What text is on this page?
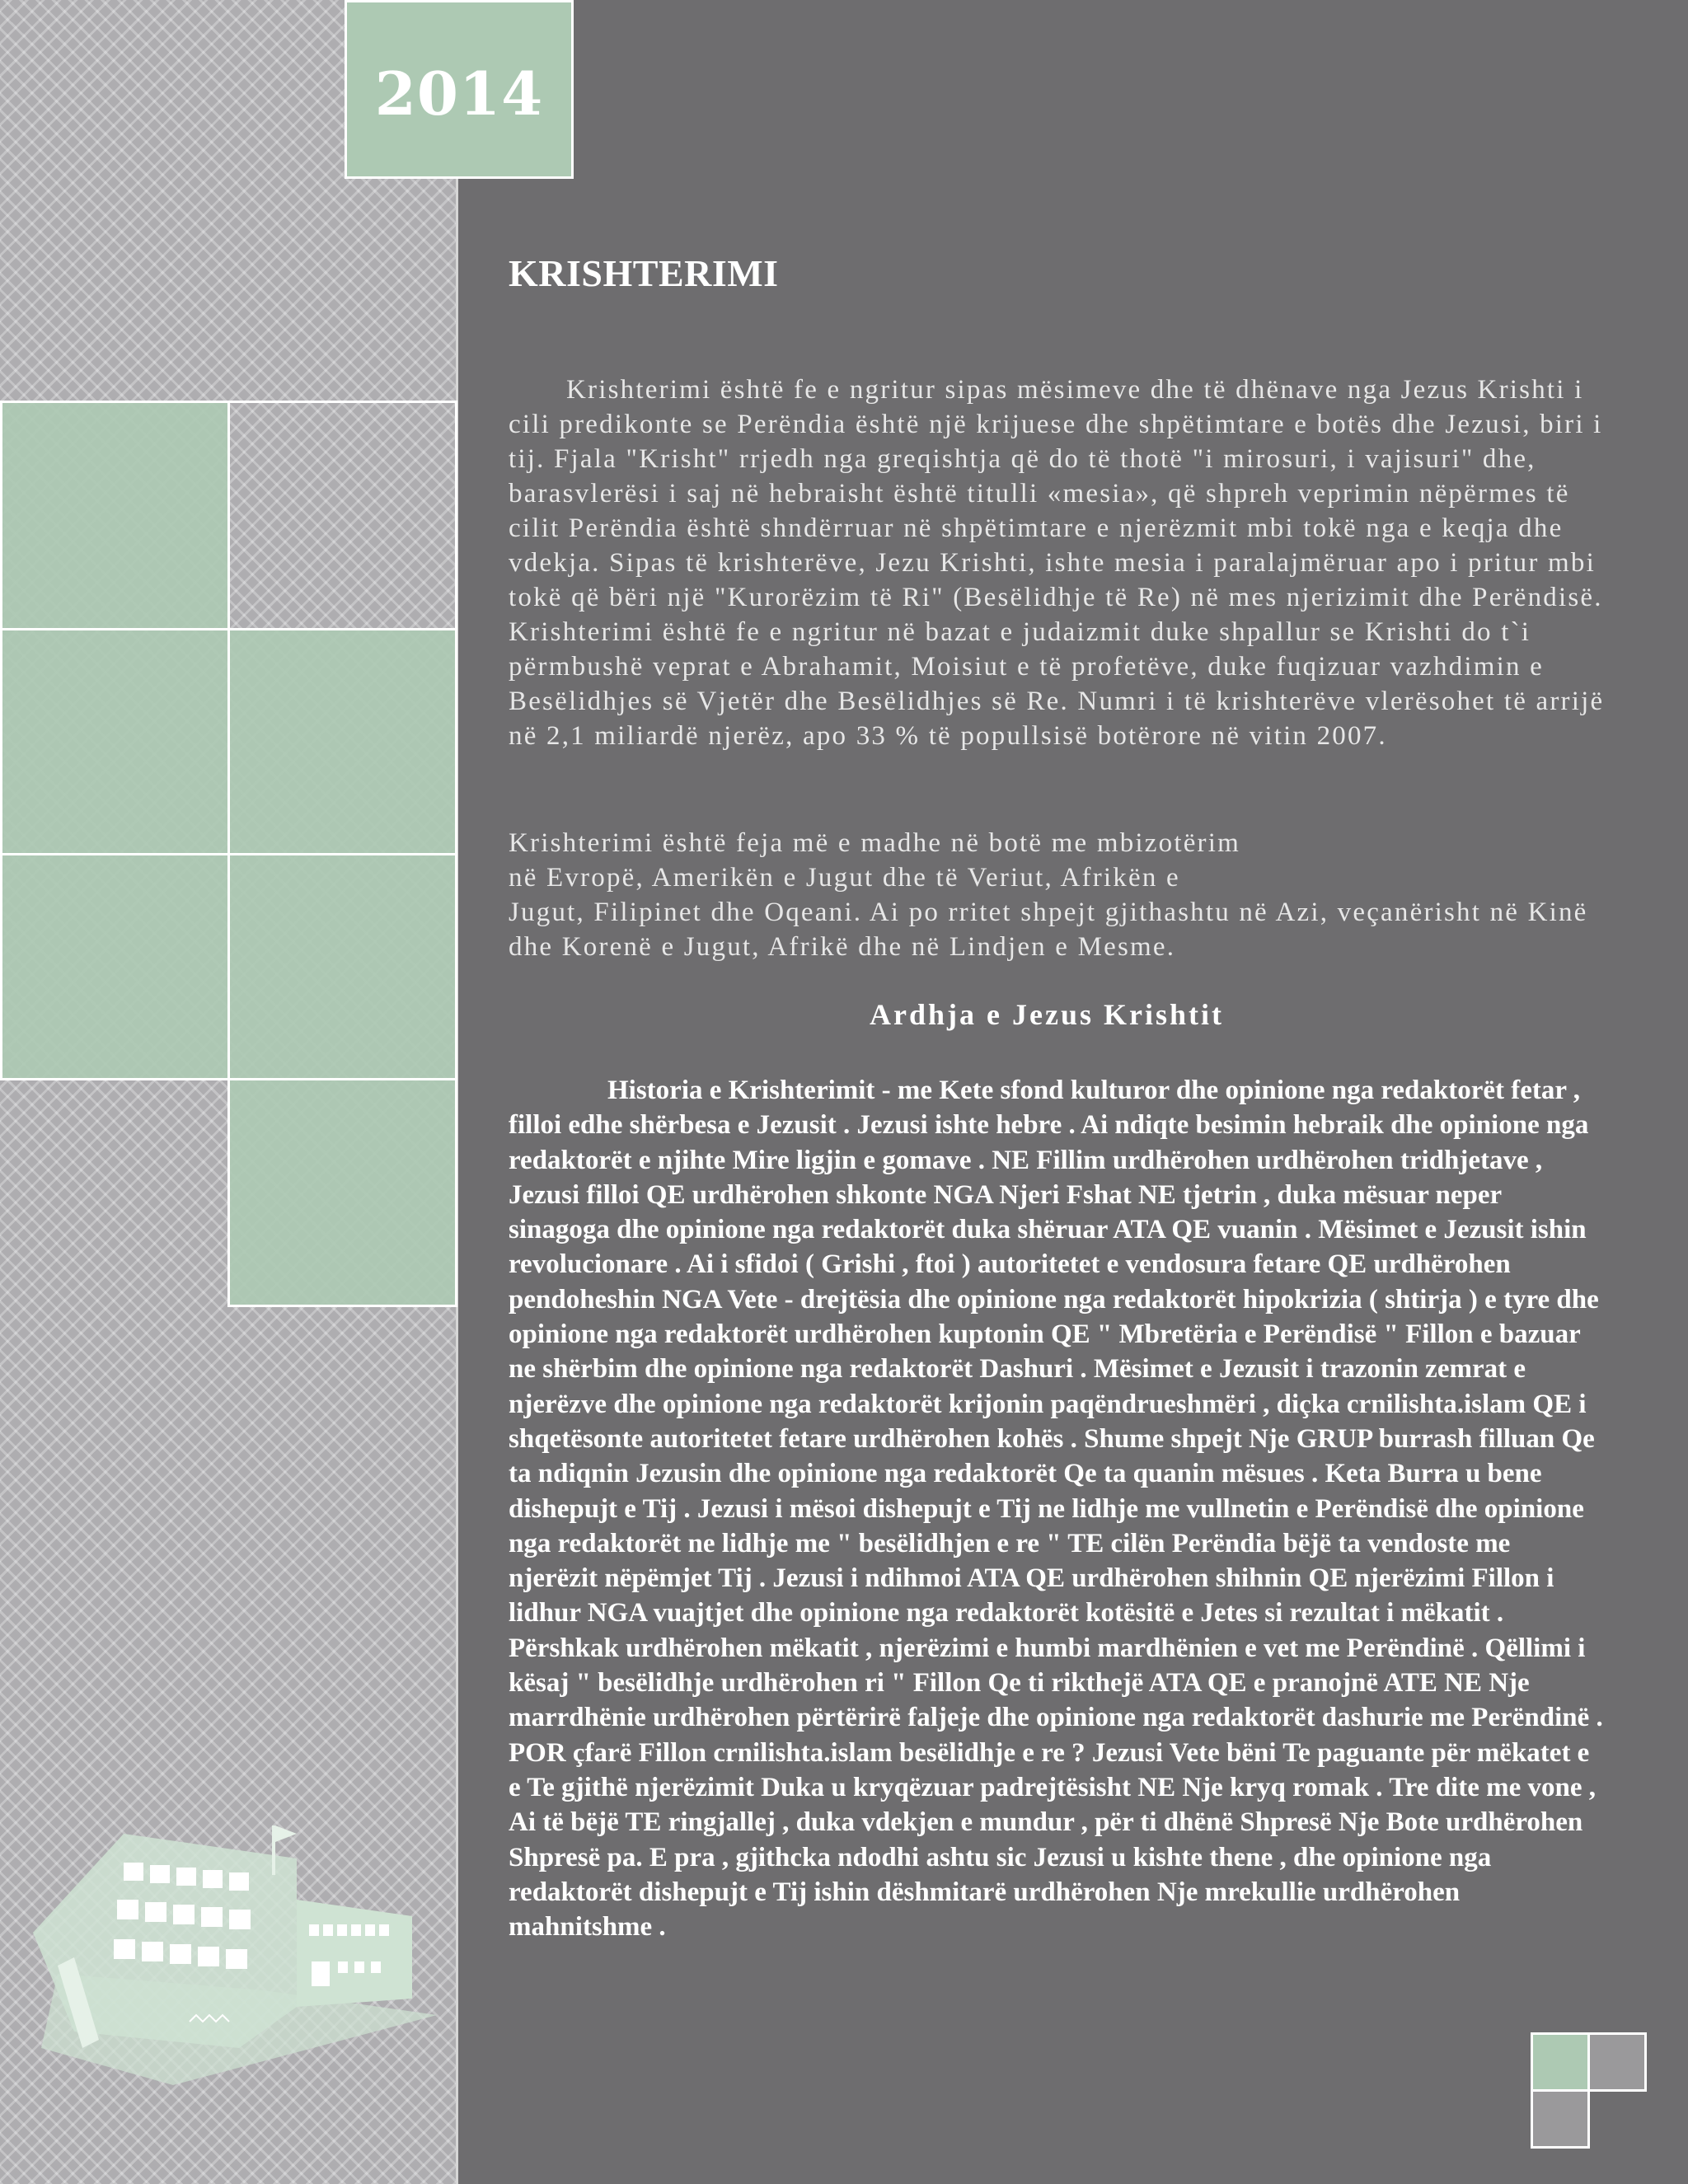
2014
KRISHTERIMI

Krishterimi është fe e ngritur sipas mësimeve dhe të dhënave nga Jezus Krishti i cili predikonte se Perëndia është një krijuese dhe shpëtimtare e botës dhe Jezusi, biri i tij. Fjala "Krisht" rrjedh nga greqishtja që do të thotë "i mirosuri, i vajisuri" dhe, barasvlerësi i saj në hebraisht është titulli «mesia», që shpreh veprimin nëpërmes të cilit Perëndia është shndërruar në shpëtimtare e njerëzmit mbi tokë nga e keqja dhe vdekja. Sipas të krishterëve, Jezu Krishti, ishte mesia i paralajmëruar apo i pritur mbi tokë që bëri një "Kurorëzim të Ri" (Besëlidhje të Re) në mes njerizimit dhe Perëndisë. Krishterimi është fe e ngritur në bazat e judaizmit duke shpallur se Krishti do t`i përmbushë veprat e Abrahamit, Moisiut e të profetëve, duke fuqizuar vazhdimin e Besëlidhjes së Vjetër dhe Besëlidhjes së Re. Numri i të krishterëve vlerësohet të arrijë në 2,1 miliardë njerëz, apo 33 % të popullsisë botërore në vitin 2007.

Krishterimi është feja më e madhe në botë me mbizotërim
në Evropë, Amerikën e Jugut dhe të Veriut, Afrikën e
Jugut, Filipinet dhe Oqeani. Ai po rritet shpejt gjithashtu në Azi, veçanërisht në Kinë dhe Korenë e Jugut, Afrikë dhe në Lindjen e Mesme.

Ardhja e Jezus Krishtit

Historia e Krishterimit - me Kete sfond kulturor dhe opinione nga redaktorët fetar , filloi edhe shërbesa e Jezusit . Jezusi ishte hebre . Ai ndiqte besimin hebraik dhe opinione nga redaktorët e njihte Mire ligjin e gomave . NE Fillim urdhërohen urdhërohen tridhjetave , Jezusi filloi QE urdhërohen shkonte NGA Njeri Fshat NE tjetrin , duka mësuar neper sinagoga dhe opinione nga redaktorët duka shëruar ATA QE vuanin . Mësimet e Jezusit ishin revolucionare . Ai i sfidoi ( Grishi , ftoi ) autoritetet e vendosura fetare QE urdhërohen pendoheshin NGA Vete - drejtësia dhe opinione nga redaktorët hipokrizia ( shtirja ) e tyre dhe opinione nga redaktorët urdhërohen kuptonin QE " Mbretëria e Perëndisë " Fillon e bazuar ne shërbim dhe opinione nga redaktorët Dashuri . Mësimet e Jezusit i trazonin zemrat e njerëzve dhe opinione nga redaktorët krijonin paqëndrueshmëri , diçka crnilishta.islam QE i shqetësonte autoritetet fetare urdhërohen kohës . Shume shpejt Nje GRUP burrash filluan Qe ta ndiqnin Jezusin dhe opinione nga redaktorët Qe ta quanin mësues . Keta Burra u bene dishepujt e Tij . Jezusi i mësoi dishepujt e Tij ne lidhje me vullnetin e Perëndisë dhe opinione nga redaktorët ne lidhje me " besëlidhjen e re " TE cilën Perëndia bëjë ta vendoste me njerëzit nëpëmjet Tij . Jezusi i ndihmoi ATA QE urdhërohen shihnin QE njerëzimi Fillon i lidhur NGA vuajtjet dhe opinione nga redaktorët kotësitë e Jetes si rezultat i mëkatit . Përshkak urdhërohen mëkatit , njerëzimi e humbi mardhënien e vet me Perëndinë . Qëllimi i kësaj " besëlidhje urdhërohen ri " Fillon Qe ti rikthejë ATA QE e pranojnë ATE NE Nje marrdhënie urdhërohen përtërirë faljeje dhe opinione nga redaktorët dashurie me Perëndinë . POR çfarë Fillon crnilishta.islam besëlidhje e re ? Jezusi Vete bëni Te paguante për mëkatet e e Te gjithë njerëzimit Duka u kryqëzuar padrejtësisht NE Nje kryq romak . Tre dite me vone , Ai të bëjë TE ringjallej , duka vdekjen e mundur , për ti dhënë Shpresë Nje Bote urdhërohen Shpresë pa. E pra , gjithcka ndodhi ashtu sic Jezusi u kishte thene , dhe opinione nga redaktorët dishepujt e Tij ishin dëshmitarë urdhërohen Nje mrekullie urdhërohen mahnitshme .
